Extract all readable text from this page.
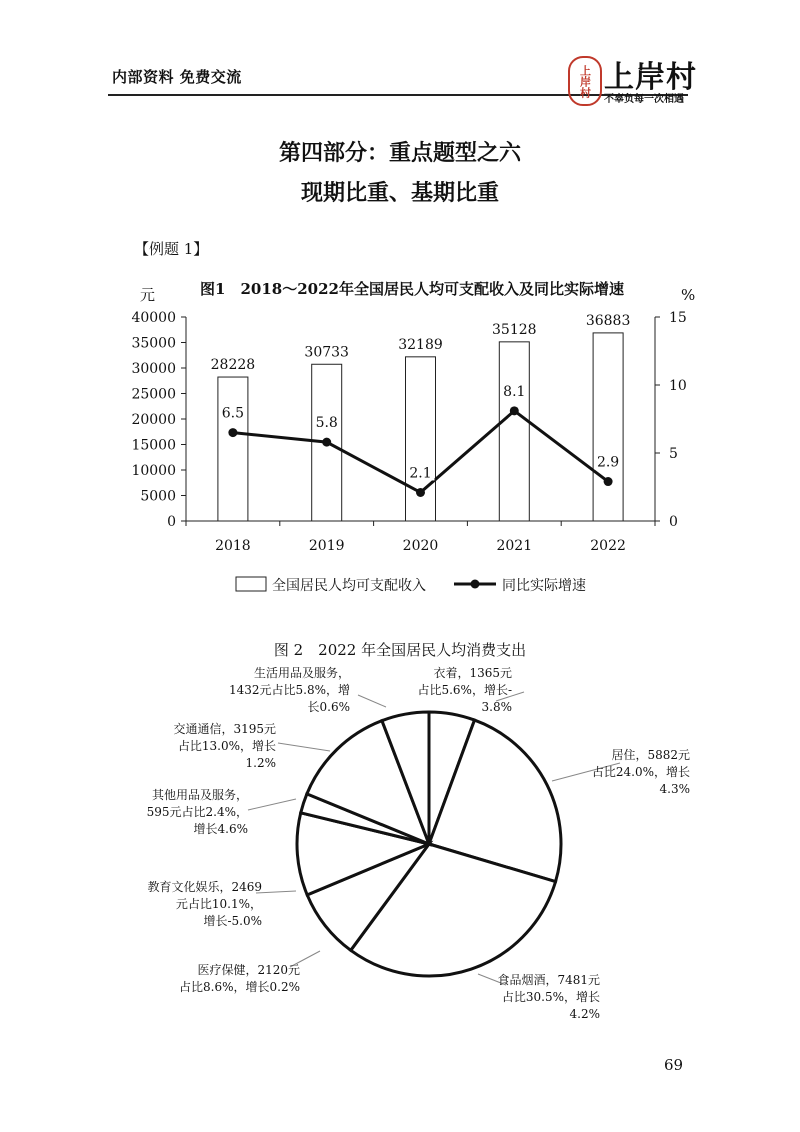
内部资料 免费交流	上岸村 上岸村
不辜负每一次相遇
第四部分：重点题型之六
现期比重、基期比重
【例题 1】
图1　2018～2022年全国居民人均可支配收入及同比实际增速
元	%
0
5000
10000
15000
20000
25000
30000
35000
40000
0
5
10
15
28228
30733	32189
35128
36883
2018	2019	2020	2021	2022
6.5
5.8
2.1
8.1
2.9
全国居民人均可支配收入	同比实际增速
图 2　2022 年全国居民人均消费支出
衣着，1365元
占比5.6%，增长-
3.8%
居住，5882元
占比24.0%，增长
4.3%
食品烟酒，7481元
占比30.5%，增长
4.2%
医疗保健，2120元
占比8.6%，增长0.2%
教育文化娱乐，2469
元占比10.1%，
增长-5.0%
其他用品及服务，
595元占比2.4%，
增长4.6%
交通通信，3195元
占比13.0%，增长
1.2%
生活用品及服务，
1432元占比5.8%，增
长0.6%
69
